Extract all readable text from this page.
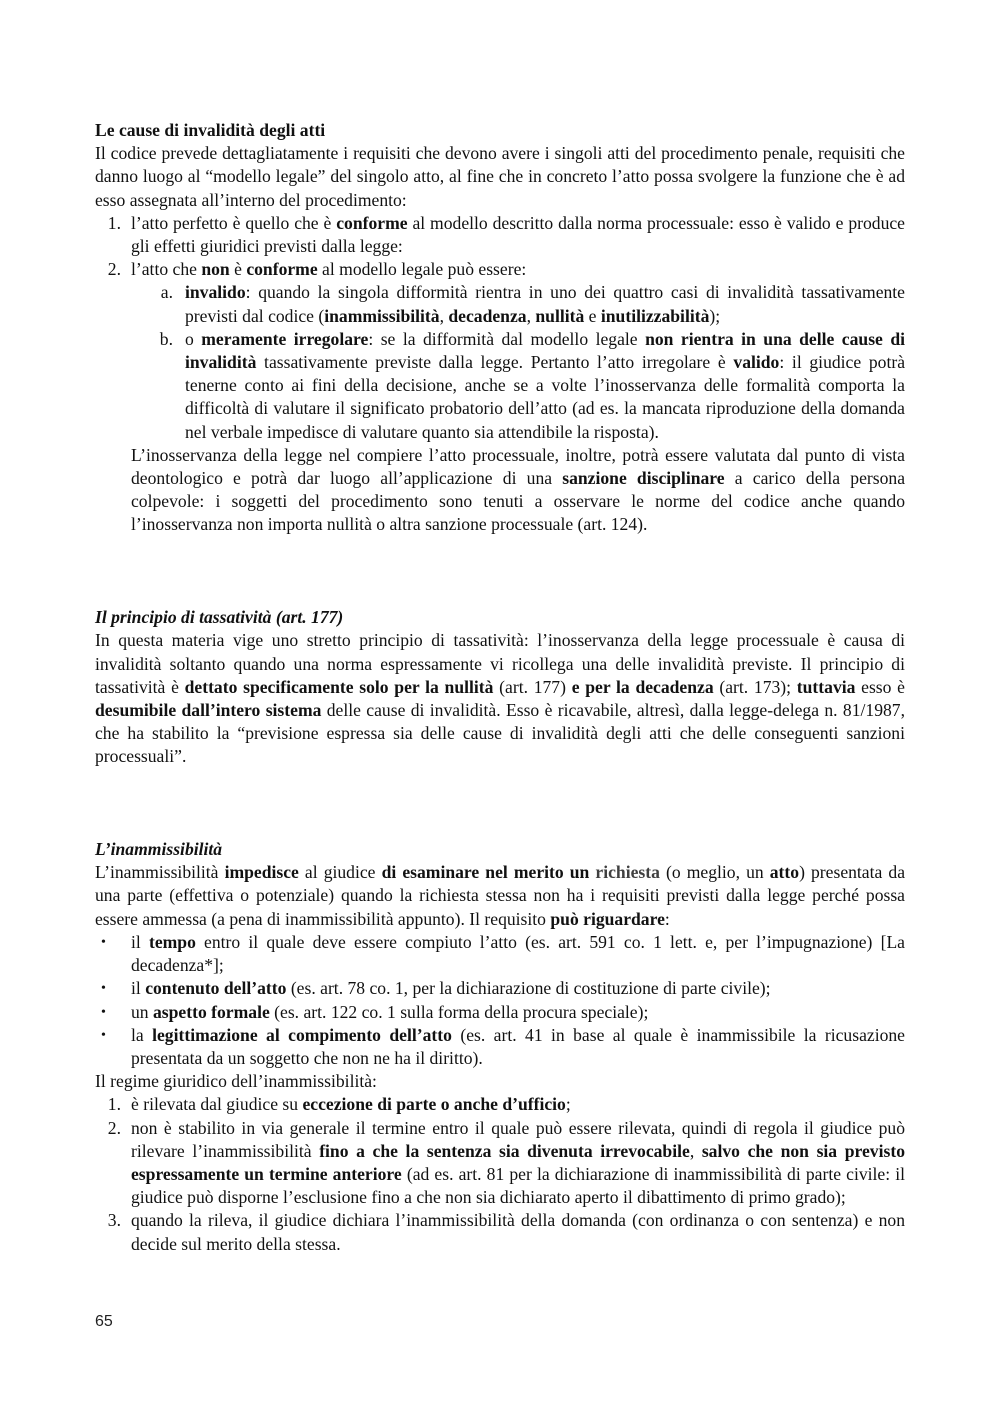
Le cause di invalidità degli atti

Il codice prevede dettagliatamente i requisiti che devono avere i singoli atti del procedimento penale, requisiti che danno luogo al “modello legale” del singolo atto, al fine che in concreto l’atto possa svolgere la funzione che è ad esso assegnata all’interno del procedimento:

1. l’atto perfetto è quello che è conforme al modello descritto dalla norma processuale: esso è valido e produce gli effetti giuridici previsti dalla legge:
2. l’atto che non è conforme al modello legale può essere:
a. invalido: quando la singola difformità rientra in uno dei quattro casi di invalidità tassativamente previsti dal codice (inammissibilità, decadenza, nullità e inutilizzabilità);
b. o meramente irregolare: se la difformità dal modello legale non rientra in una delle cause di invalidità tassativamente previste dalla legge. Pertanto l’atto irregolare è valido: il giudice potrà tenerne conto ai fini della decisione, anche se a volte l’inosservanza delle formalità comporta la difficoltà di valutare il significato probatorio dell’atto (ad es. la mancata riproduzione della domanda nel verbale impedisce di valutare quanto sia attendibile la risposta).

L’inosservanza della legge nel compiere l’atto processuale, inoltre, potrà essere valutata dal punto di vista deontologico e potrà dar luogo all’applicazione di una sanzione disciplinare a carico della persona colpevole: i soggetti del procedimento sono tenuti a osservare le norme del codice anche quando l’inosservanza non importa nullità o altra sanzione processuale (art. 124).

Il principio di tassatività (art. 177)

In questa materia vige uno stretto principio di tassatività: l’inosservanza della legge processuale è causa di invalidità soltanto quando una norma espressamente vi ricollega una delle invalidità previste. Il principio di tassatività è dettato specificamente solo per la nullità (art. 177) e per la decadenza (art. 173); tuttavia esso è desumibile dall’intero sistema delle cause di invalidità. Esso è ricavabile, altresì, dalla legge-delega n. 81/1987, che ha stabilito la “previsione espressa sia delle cause di invalidità degli atti che delle conseguenti sanzioni processuali”.

L’inammissibilità

L’inammissibilità impedisce al giudice di esaminare nel merito un richiesta (o meglio, un atto) presentata da una parte (effettiva o potenziale) quando la richiesta stessa non ha i requisiti previsti dalla legge perché possa essere ammessa (a pena di inammissibilità appunto). Il requisito può riguardare:

• il tempo entro il quale deve essere compiuto l’atto (es. art. 591 co. 1 lett. e, per l’impugnazione) [La decadenza*];
• il contenuto dell’atto (es. art. 78 co. 1, per la dichiarazione di costituzione di parte civile);
• un aspetto formale (es. art. 122 co. 1 sulla forma della procura speciale);
• la legittimazione al compimento dell’atto (es. art. 41 in base al quale è inammissibile la ricusazione presentata da un soggetto che non ne ha il diritto).

Il regime giuridico dell’inammissibilità:

1. è rilevata dal giudice su eccezione di parte o anche d’ufficio;
2. non è stabilito in via generale il termine entro il quale può essere rilevata, quindi di regola il giudice può rilevare l’inammissibilità fino a che la sentenza sia divenuta irrevocabile, salvo che non sia previsto espressamente un termine anteriore (ad es. art. 81 per la dichiarazione di inammissibilità di parte civile: il giudice può disporne l’esclusione fino a che non sia dichiarato aperto il dibattimento di primo grado);
3. quando la rileva, il giudice dichiara l’inammissibilità della domanda (con ordinanza o con sentenza) e non decide sul merito della stessa.
65
